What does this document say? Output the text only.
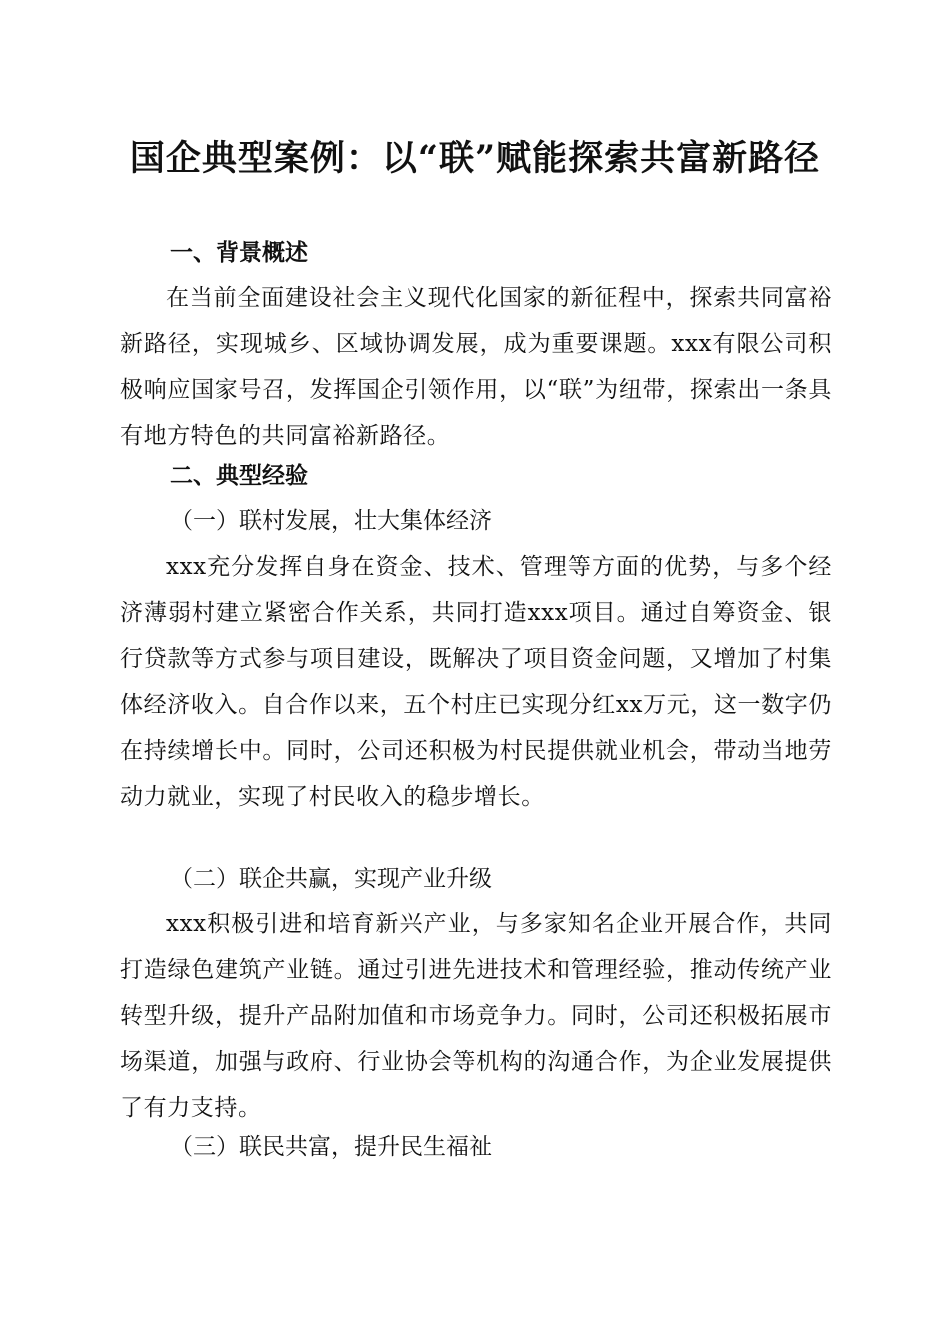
国企典型案例：以“联”赋能探索共富新路径
一、背景概述

在当前全面建设社会主义现代化国家的新征程中，探索共同富裕新路径，实现城乡、区域协调发展，成为重要课题。xxx有限公司积极响应国家号召，发挥国企引领作用，以“联”为纽带，探索出一条具有地方特色的共同富裕新路径。

二、典型经验
（一）联村发展，壮大集体经济

xxx充分发挥自身在资金、技术、管理等方面的优势，与多个经济薄弱村建立紧密合作关系，共同打造xxx项目。通过自筹资金、银行贷款等方式参与项目建设，既解决了项目资金问题，又增加了村集体经济收入。自合作以来，五个村庄已实现分红xx万元，这一数字仍在持续增长中。同时，公司还积极为村民提供就业机会，带动当地劳动力就业，实现了村民收入的稳步增长。

（二）联企共赢，实现产业升级

xxx积极引进和培育新兴产业，与多家知名企业开展合作，共同打造绿色建筑产业链。通过引进先进技术和管理经验，推动传统产业转型升级，提升产品附加值和市场竞争力。同时，公司还积极拓展市场渠道，加强与政府、行业协会等机构的沟通合作，为企业发展提供了有力支持。

（三）联民共富，提升民生福祉
